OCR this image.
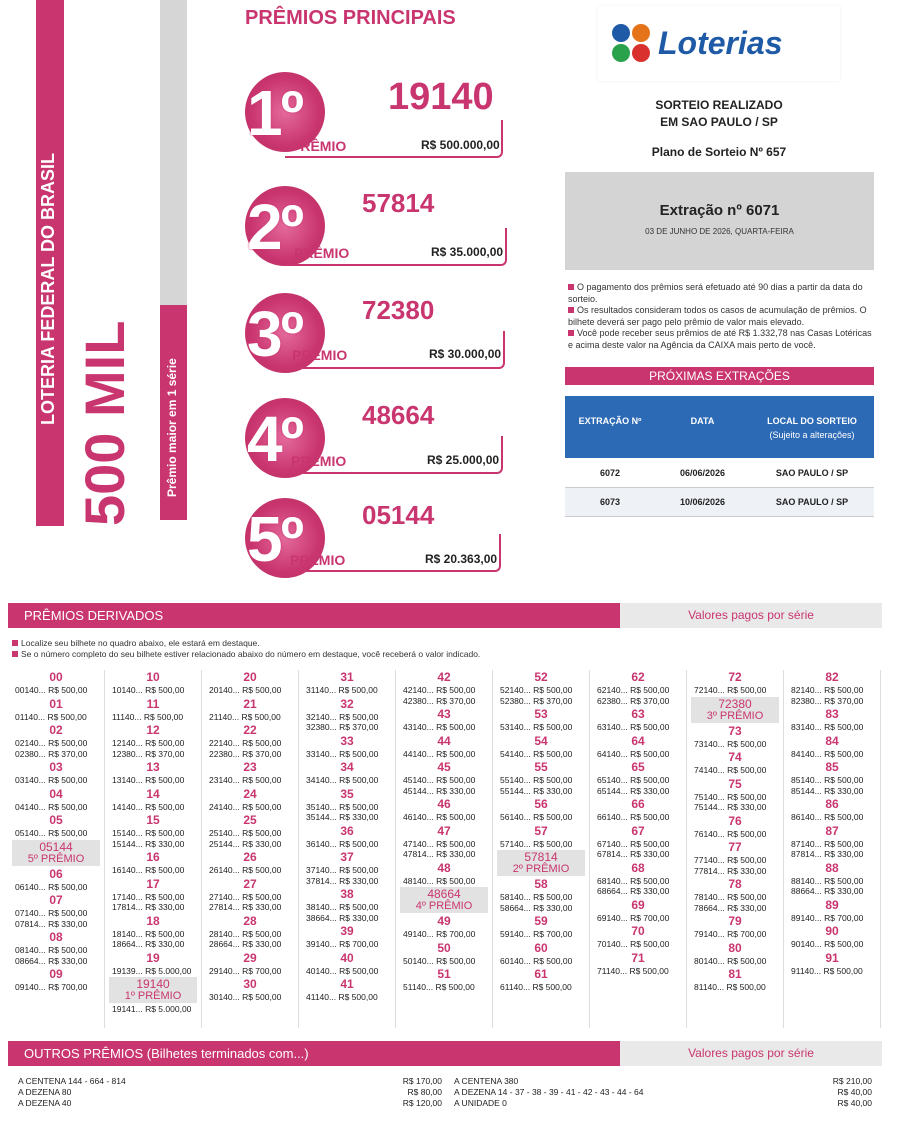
LOTERIA FEDERAL DO BRASIL 500 MIL Prêmio maior em 1 série
PRÊMIOS PRINCIPAIS
1º 19140
PRÊMIO	R$ 500.000,00
2º 57814
PRÊMIO	R$ 35.000,00
3º 72380
PRÊMIO	R$ 30.000,00
4º 48664
PRÊMIO	R$ 25.000,00
5º 05144
PRÊMIO	R$ 20.363,00
Loterias
SORTEIO REALIZADO
EM SAO PAULO / SP
Plano de Sorteio Nº 657
Extração nº 6071
03 DE JUNHO DE 2026, QUARTA-FEIRA
O pagamento dos prêmios será efetuado até 90 dias a partir da data do sorteio.
Os resultados consideram todos os casos de acumulação de prêmios. O bilhete deverá ser pago pelo prêmio de valor mais elevado.
Você pode receber seus prêmios de até R$ 1.332,78 nas Casas Lotéricas e acima deste valor na Agência da CAIXA mais perto de você.
PRÓXIMAS EXTRAÇÕES
EXTRAÇÃO Nº	DATA	LOCAL DO SORTEIO
(Sujeito a alterações)
6072	06/06/2026	SAO PAULO / SP
6073	10/06/2026	SAO PAULO / SP
PRÊMIOS DERIVADOS	Valores pagos por série
Localize seu bilhete no quadro abaixo, ele estará em destaque.
Se o número completo do seu bilhete estiver relacionado abaixo do número em destaque, você receberá o valor indicado.
00
00140... R$ 500,00
01
01140... R$ 500,00
02
02140... R$ 500,00
02380... R$ 370,00
03
03140... R$ 500,00
04
04140... R$ 500,00
05
05140... R$ 500,00
05144
5º PRÊMIO
06
06140... R$ 500,00
07
07140... R$ 500,00
07814... R$ 330,00
08
08140... R$ 500,00
08664... R$ 330,00
09
09140... R$ 700,00
10
10140... R$ 500,00
11
11140... R$ 500,00
12
12140... R$ 500,00
12380... R$ 370,00
13
13140... R$ 500,00
14
14140... R$ 500,00
15
15140... R$ 500,00
15144... R$ 330,00
16
16140... R$ 500,00
17
17140... R$ 500,00
17814... R$ 330,00
18
18140... R$ 500,00
18664... R$ 330,00
19
19139... R$ 5.000,00
19140
1º PRÊMIO
19141... R$ 5.000,00
20
20140... R$ 500,00
21
21140... R$ 500,00
22
22140... R$ 500,00
22380... R$ 370,00
23
23140... R$ 500,00
24
24140... R$ 500,00
25
25140... R$ 500,00
25144... R$ 330,00
26
26140... R$ 500,00
27
27140... R$ 500,00
27814... R$ 330,00
28
28140... R$ 500,00
28664... R$ 330,00
29
29140... R$ 700,00
30
30140... R$ 500,00
31
31140... R$ 500,00
32
32140... R$ 500,00
32380... R$ 370,00
33
33140... R$ 500,00
34
34140... R$ 500,00
35
35140... R$ 500,00
35144... R$ 330,00
36
36140... R$ 500,00
37
37140... R$ 500,00
37814... R$ 330,00
38
38140... R$ 500,00
38664... R$ 330,00
39
39140... R$ 700,00
40
40140... R$ 500,00
41
41140... R$ 500,00
42
42140... R$ 500,00
42380... R$ 370,00
43
43140... R$ 500,00
44
44140... R$ 500,00
45
45140... R$ 500,00
45144... R$ 330,00
46
46140... R$ 500,00
47
47140... R$ 500,00
47814... R$ 330,00
48
48140... R$ 500,00
48664
4º PRÊMIO
49
49140... R$ 700,00
50
50140... R$ 500,00
51
51140... R$ 500,00
52
52140... R$ 500,00
52380... R$ 370,00
53
53140... R$ 500,00
54
54140... R$ 500,00
55
55140... R$ 500,00
55144... R$ 330,00
56
56140... R$ 500,00
57
57140... R$ 500,00
57814
2º PRÊMIO
58
58140... R$ 500,00
58664... R$ 330,00
59
59140... R$ 700,00
60
60140... R$ 500,00
61
61140... R$ 500,00
62
62140... R$ 500,00
62380... R$ 370,00
63
63140... R$ 500,00
64
64140... R$ 500,00
65
65140... R$ 500,00
65144... R$ 330,00
66
66140... R$ 500,00
67
67140... R$ 500,00
67814... R$ 330,00
68
68140... R$ 500,00
68664... R$ 330,00
69
69140... R$ 700,00
70
70140... R$ 500,00
71
71140... R$ 500,00
72
72140... R$ 500,00
72380
3º PRÊMIO
73
73140... R$ 500,00
74
74140... R$ 500,00
75
75140... R$ 500,00
75144... R$ 330,00
76
76140... R$ 500,00
77
77140... R$ 500,00
77814... R$ 330,00
78
78140... R$ 500,00
78664... R$ 330,00
79
79140... R$ 700,00
80
80140... R$ 500,00
81
81140... R$ 500,00
82
82140... R$ 500,00
82380... R$ 370,00
83
83140... R$ 500,00
84
84140... R$ 500,00
85
85140... R$ 500,00
85144... R$ 330,00
86
86140... R$ 500,00
87
87140... R$ 500,00
87814... R$ 330,00
88
88140... R$ 500,00
88664... R$ 330,00
89
89140... R$ 700,00
90
90140... R$ 500,00
91
91140... R$ 500,00
OUTROS PRÊMIOS (Bilhetes terminados com...)	Valores pagos por série
A CENTENA 144 - 664 - 814	R$ 170,00
A DEZENA 80	R$ 80,00
A DEZENA 40	R$ 120,00
A CENTENA 380	R$ 210,00
A DEZENA 14 - 37 - 38 - 39 - 41 - 42 - 43 - 44 - 64	R$ 40,00
A UNIDADE 0	R$ 40,00
